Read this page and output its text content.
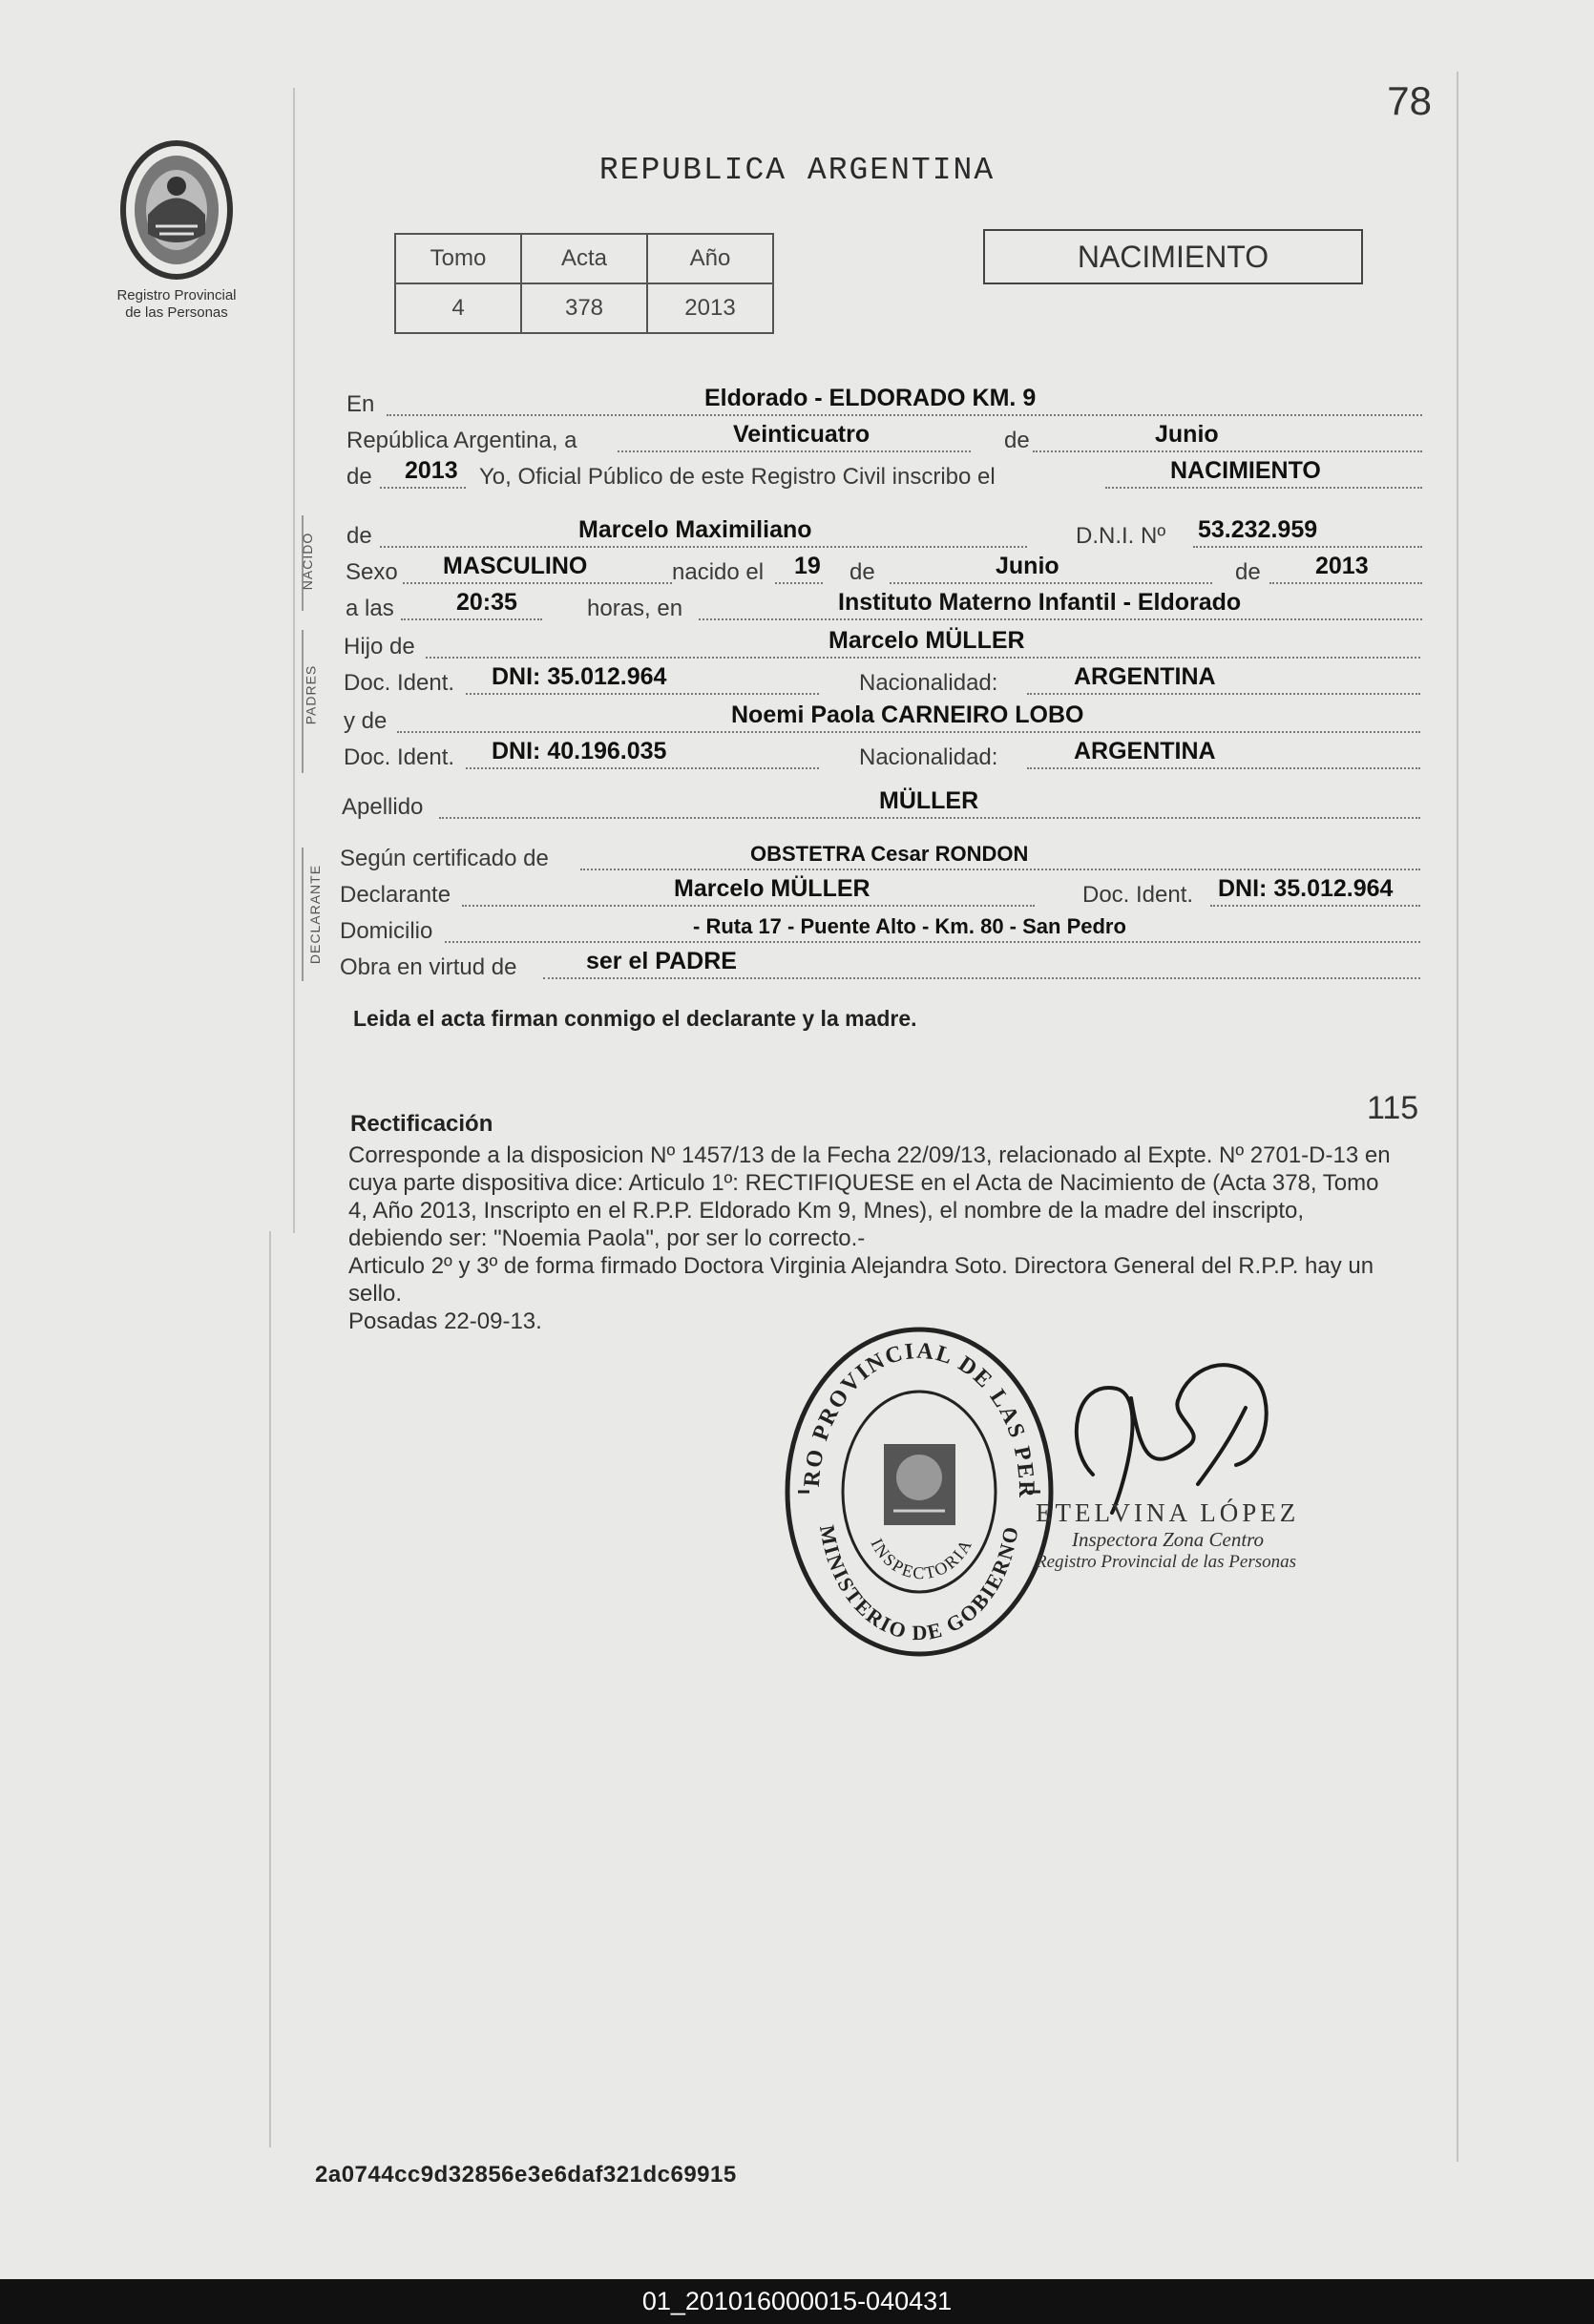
78
REPUBLICA ARGENTINA
Registro Provincial
de las Personas
Tomo	Acta	Año
4	378	2013
NACIMIENTO
En	Eldorado - ELDORADO KM. 9
República Argentina, a	Veinticuatro	de	Junio
de 2013 Yo, Oficial Público de este Registro Civil inscribo el	NACIMIENTO
NACIDO de	Marcelo Maximiliano	D.N.I. Nº 53.232.959
Sexo MASCULINO	nacido el 19 de	Junio	de 2013
a las	20:35	horas, en	Instituto Materno Infantil - Eldorado
PADRES
Hijo de	Marcelo MÜLLER
Doc. Ident. DNI: 35.012.964	Nacionalidad:	ARGENTINA
y de	Noemi Paola CARNEIRO LOBO
Doc. Ident. DNI: 40.196.035	Nacionalidad:	ARGENTINA
Apellido	MÜLLER
DECLARANTE
Según certificado de	OBSTETRA Cesar RONDON
Declarante	Marcelo MÜLLER	Doc. Ident. DNI: 35.012.964
Domicilio	- Ruta 17 - Puente Alto - Km. 80 - San Pedro
Obra en virtud de	ser el PADRE
Leida el acta firman conmigo el declarante y la madre.
Rectificación	115

Corresponde a la disposicion Nº 1457/13 de la Fecha 22/09/13, relacionado al Expte. Nº 2701-D-13 en cuya parte dispositiva dice: Articulo 1º: RECTIFIQUESE en el Acta de Nacimiento de (Acta 378, Tomo 4, Año 2013, Inscripto en el R.P.P. Eldorado Km 9, Mnes), el nombre de la madre del inscripto, debiendo ser: "Noemia Paola", por ser lo correcto.-

Articulo 2º y 3º de forma firmado Doctora Virginia Alejandra Soto. Directora General del R.P.P. hay un sello.

Posadas 22-09-13.

RO PROVINCIAL DE LAS PER
MINISTERIO DE GOBIERNO
INSPECTORIA
ETELVINA LÓPEZ
Inspectora Zona Centro
Registro Provincial de las Personas
2a0744cc9d32856e3e6daf321dc69915
01_201016000015-040431
